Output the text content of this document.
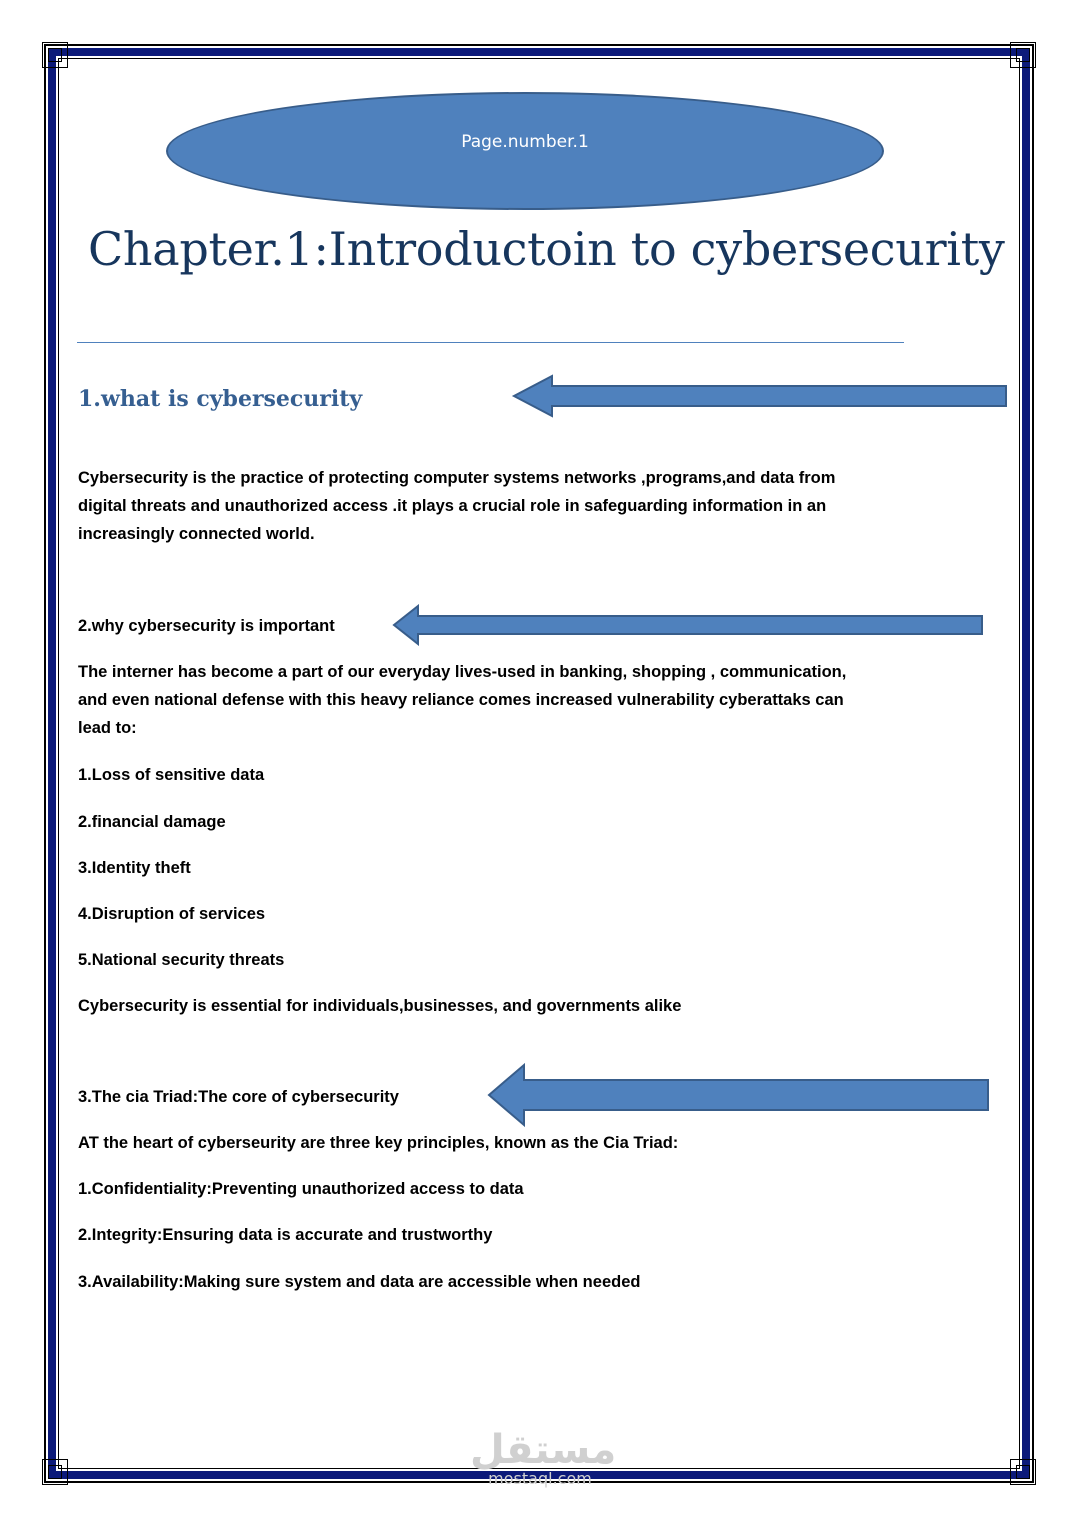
Page.number.1
Chapter.1:Introductoin to cybersecurity
1.what is cybersecurity
Cybersecurity is the practice of protecting computer systems networks ,programs,and data from
digital threats and unauthorized access .it plays a crucial role in safeguarding information in an
increasingly connected world.
2.why cybersecurity is important
The interner has become a part of our everyday lives-used in banking, shopping , communication,
and even national defense with this heavy reliance comes increased vulnerability cyberattaks can
lead to:
1.Loss of sensitive data
2.financial damage
3.Identity theft
4.Disruption of services
5.National security threats
Cybersecurity is essential for individuals,businesses, and governments alike
3.The cia Triad:The core of cybersecurity
AT the heart of cyberseurity are three key principles, known as the Cia Triad:
1.Confidentiality:Preventing unauthorized access to data
2.Integrity:Ensuring data is accurate and trustworthy
3.Availability:Making sure system and data are accessible when needed
مستقل
mostaql.com
